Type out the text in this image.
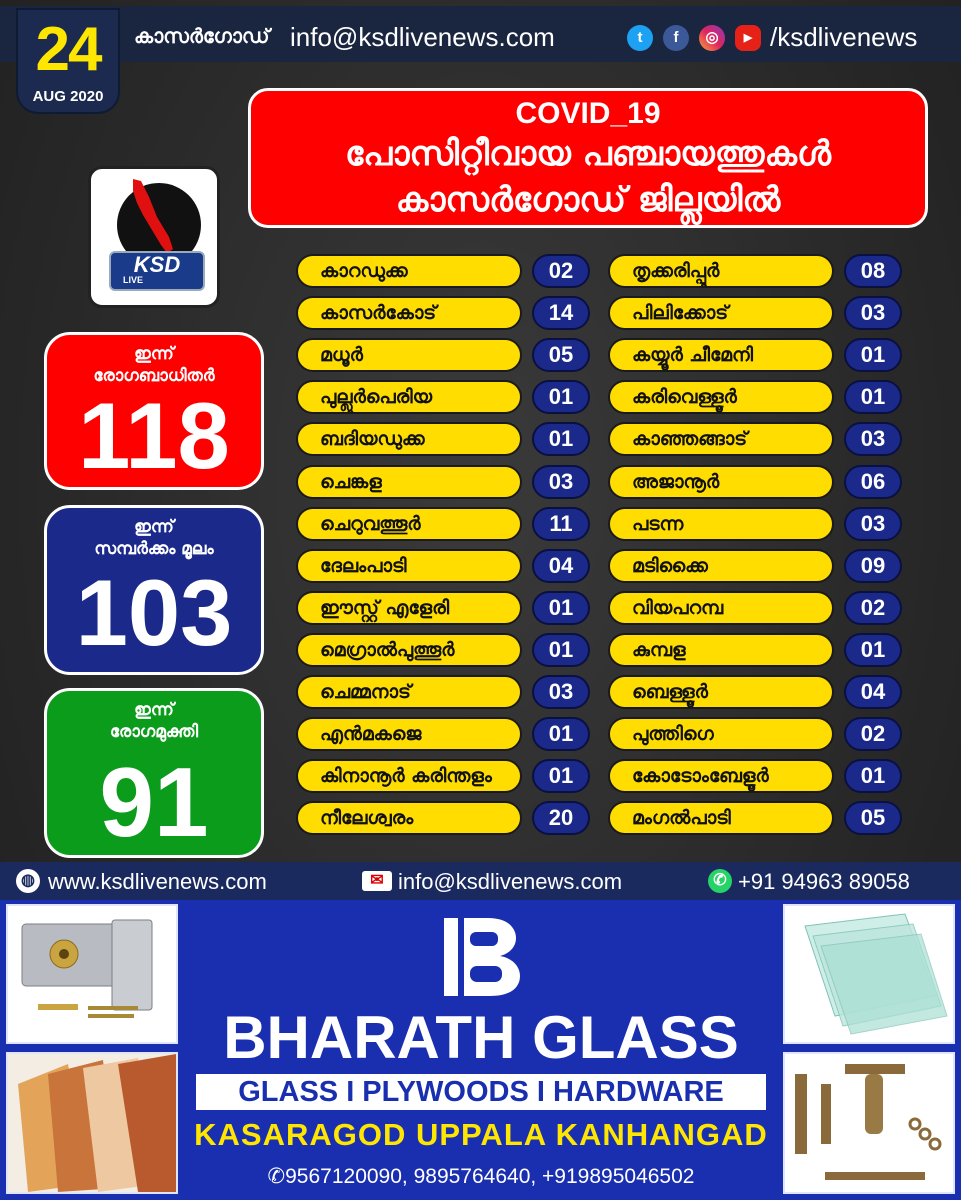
കാസർഗോഡ് info@ksdlivenews.com	t	f	◎	▶ /ksdlivenews
24
AUG 2020
COVID_19
പോസിറ്റീവായ പഞ്ചായത്തുകൾ
കാസർഗോഡ് ജില്ലയിൽ
KSD
LIVE
ഇന്ന്
രോഗബാധിതർ
118
ഇന്ന്
സമ്പർക്കം മൂലം
103
ഇന്ന്
രോഗമുക്തി
91
കാറഡുക്ക	02
കാസർകോട്	14
മധൂർ	05
പുല്ലൂർപെരിയ	01
ബദിയഡുക്ക	01
ചെങ്കള	03
ചെറുവത്തൂർ	11
ദേലംപാടി	04
ഈസ്റ്റ് എളേരി	01
മെഗ്രാൽപുത്തൂർ	01
ചെമ്മനാട്	03
എൻമകജെ	01
കിനാനൂർ കരിന്തളം	01
നീലേശ്വരം	20
തൃക്കരിപ്പൂർ	08
പിലിക്കോട്	03
കയ്യൂർ ചീമേനി	01
കരിവെള്ളൂർ	01
കാഞ്ഞങ്ങാട്	03
അജാനൂർ	06
പടന്ന	03
മടിക്കൈ	09
വിയപറമ്പ	02
കുമ്പള	01
ബെള്ളൂർ	04
പുത്തിഗെ	02
കോടോംബേളൂർ	01
മംഗൽപാടി	05
◍ www.ksdlivenews.com	✉ info@ksdlivenews.com	✆ +91 94963 89058
BHARATH GLASS
GLASS I PLYWOODS I HARDWARE
KASARAGOD UPPALA KANHANGAD
✆9567120090, 9895764640, +919895046502
